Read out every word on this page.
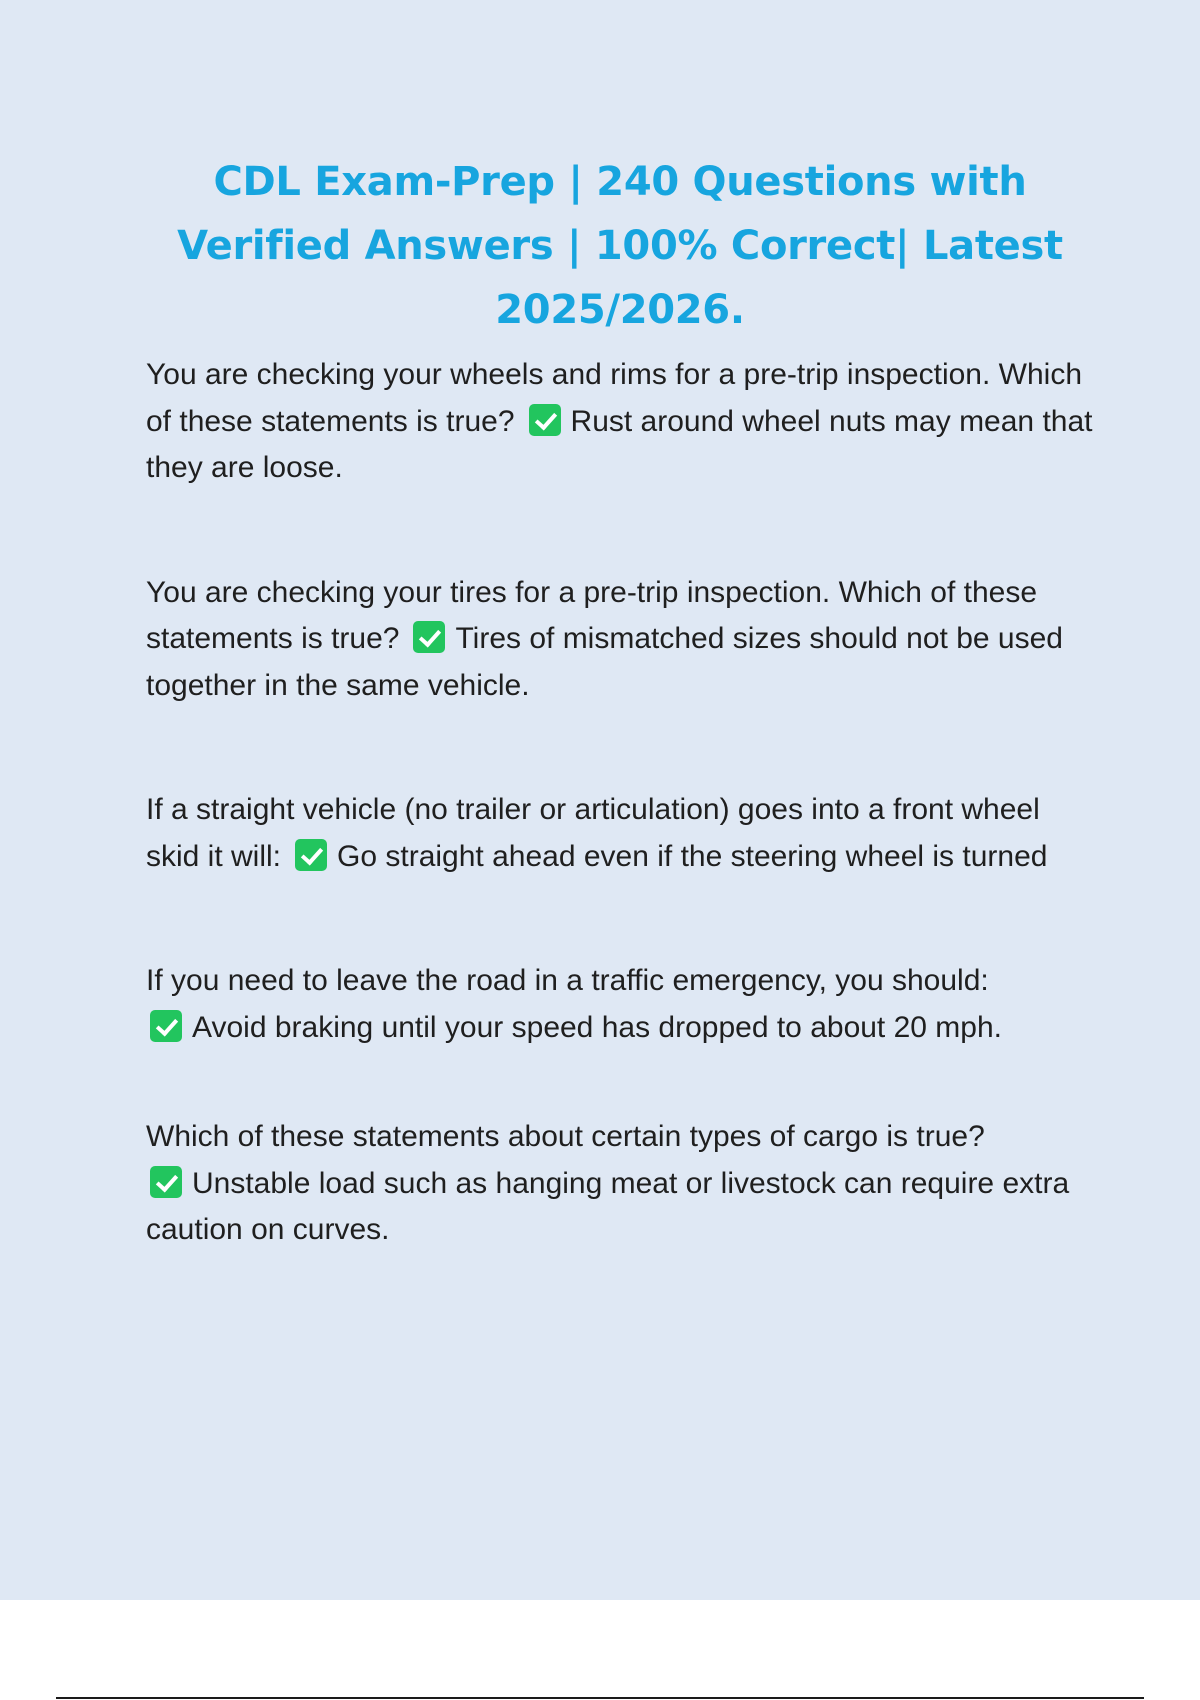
CDL Exam-Prep | 240 Questions with Verified Answers | 100% Correct| Latest 2025/2026.

You are checking your wheels and rims for a pre-trip inspection. Which of these statements is true? Rust around wheel nuts may mean that they are loose.

You are checking your tires for a pre-trip inspection. Which of these statements is true? Tires of mismatched sizes should not be used together in the same vehicle.

If a straight vehicle (no trailer or articulation) goes into a front wheel skid it will: Go straight ahead even if the steering wheel is turned

If you need to leave the road in a traffic emergency, you should:
Avoid braking until your speed has dropped to about 20 mph.

Which of these statements about certain types of cargo is true?
Unstable load such as hanging meat or livestock can require extra caution on curves.
